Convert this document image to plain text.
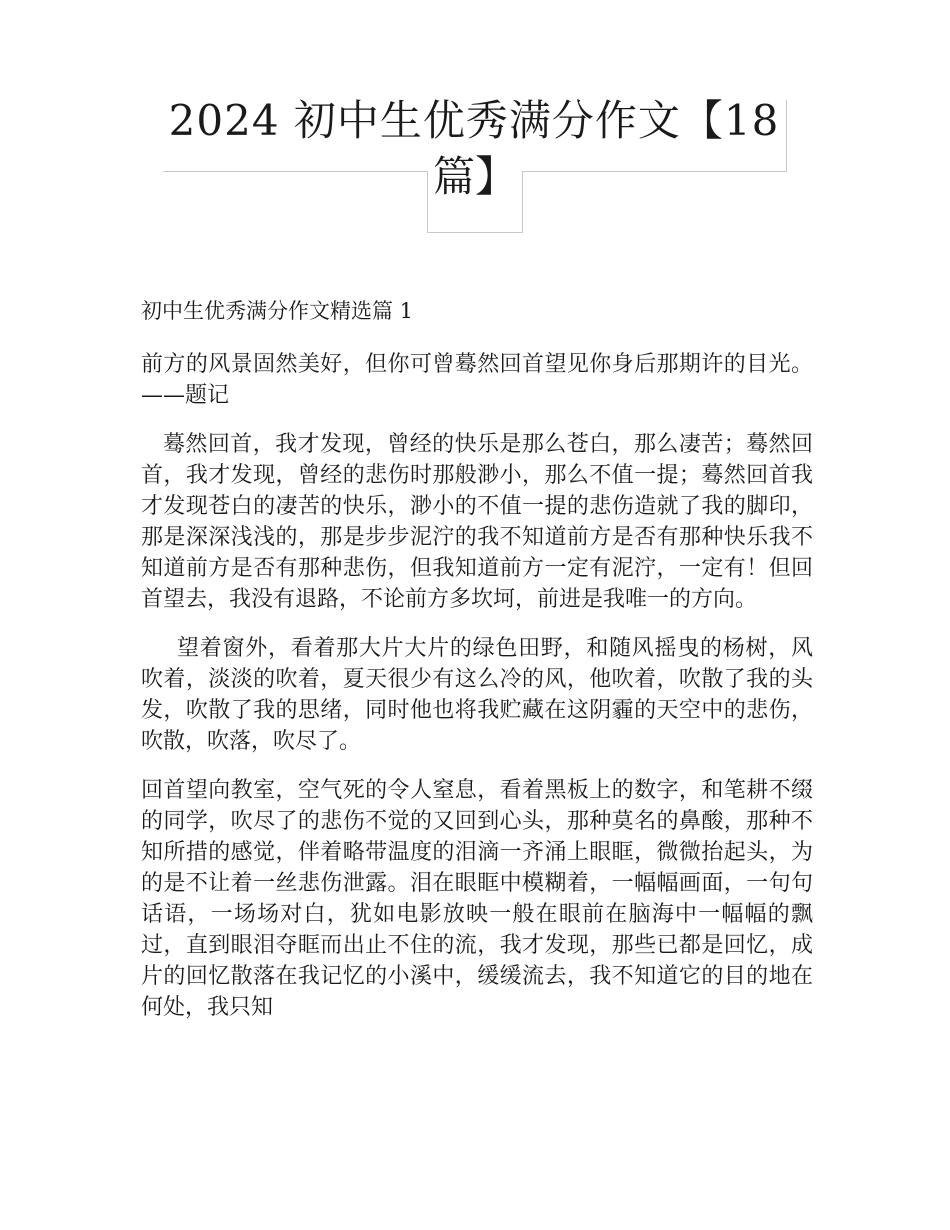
2024 初中生优秀满分作文【18
篇】

初中生优秀满分作文精选篇 1

前方的风景固然美好，但你可曾蓦然回首望见你身后那期许的目光。——题记

蓦然回首，我才发现，曾经的快乐是那么苍白，那么凄苦；蓦然回首，我才发现，曾经的悲伤时那般渺小，那么不值一提；蓦然回首我才发现苍白的凄苦的快乐，渺小的不值一提的悲伤造就了我的脚印，那是深深浅浅的，那是步步泥泞的我不知道前方是否有那种快乐我不知道前方是否有那种悲伤，但我知道前方一定有泥泞，一定有！但回首望去，我没有退路，不论前方多坎坷，前进是我唯一的方向。

望着窗外，看着那大片大片的绿色田野，和随风摇曳的杨树，风吹着，淡淡的吹着，夏天很少有这么冷的风，他吹着，吹散了我的头发，吹散了我的思绪，同时他也将我贮藏在这阴霾的天空中的悲伤，吹散，吹落，吹尽了。

回首望向教室，空气死的令人窒息，看着黑板上的数字，和笔耕不缀的同学，吹尽了的悲伤不觉的又回到心头，那种莫名的鼻酸，那种不知所措的感觉，伴着略带温度的泪滴一齐涌上眼眶，微微抬起头，为的是不让着一丝悲伤泄露。泪在眼眶中模糊着，一幅幅画面，一句句话语，一场场对白，犹如电影放映一般在眼前在脑海中一幅幅的飘过，直到眼泪夺眶而出止不住的流，我才发现，那些已都是回忆，成片的回忆散落在我记忆的小溪中，缓缓流去，我不知道它的目的地在何处，我只知
